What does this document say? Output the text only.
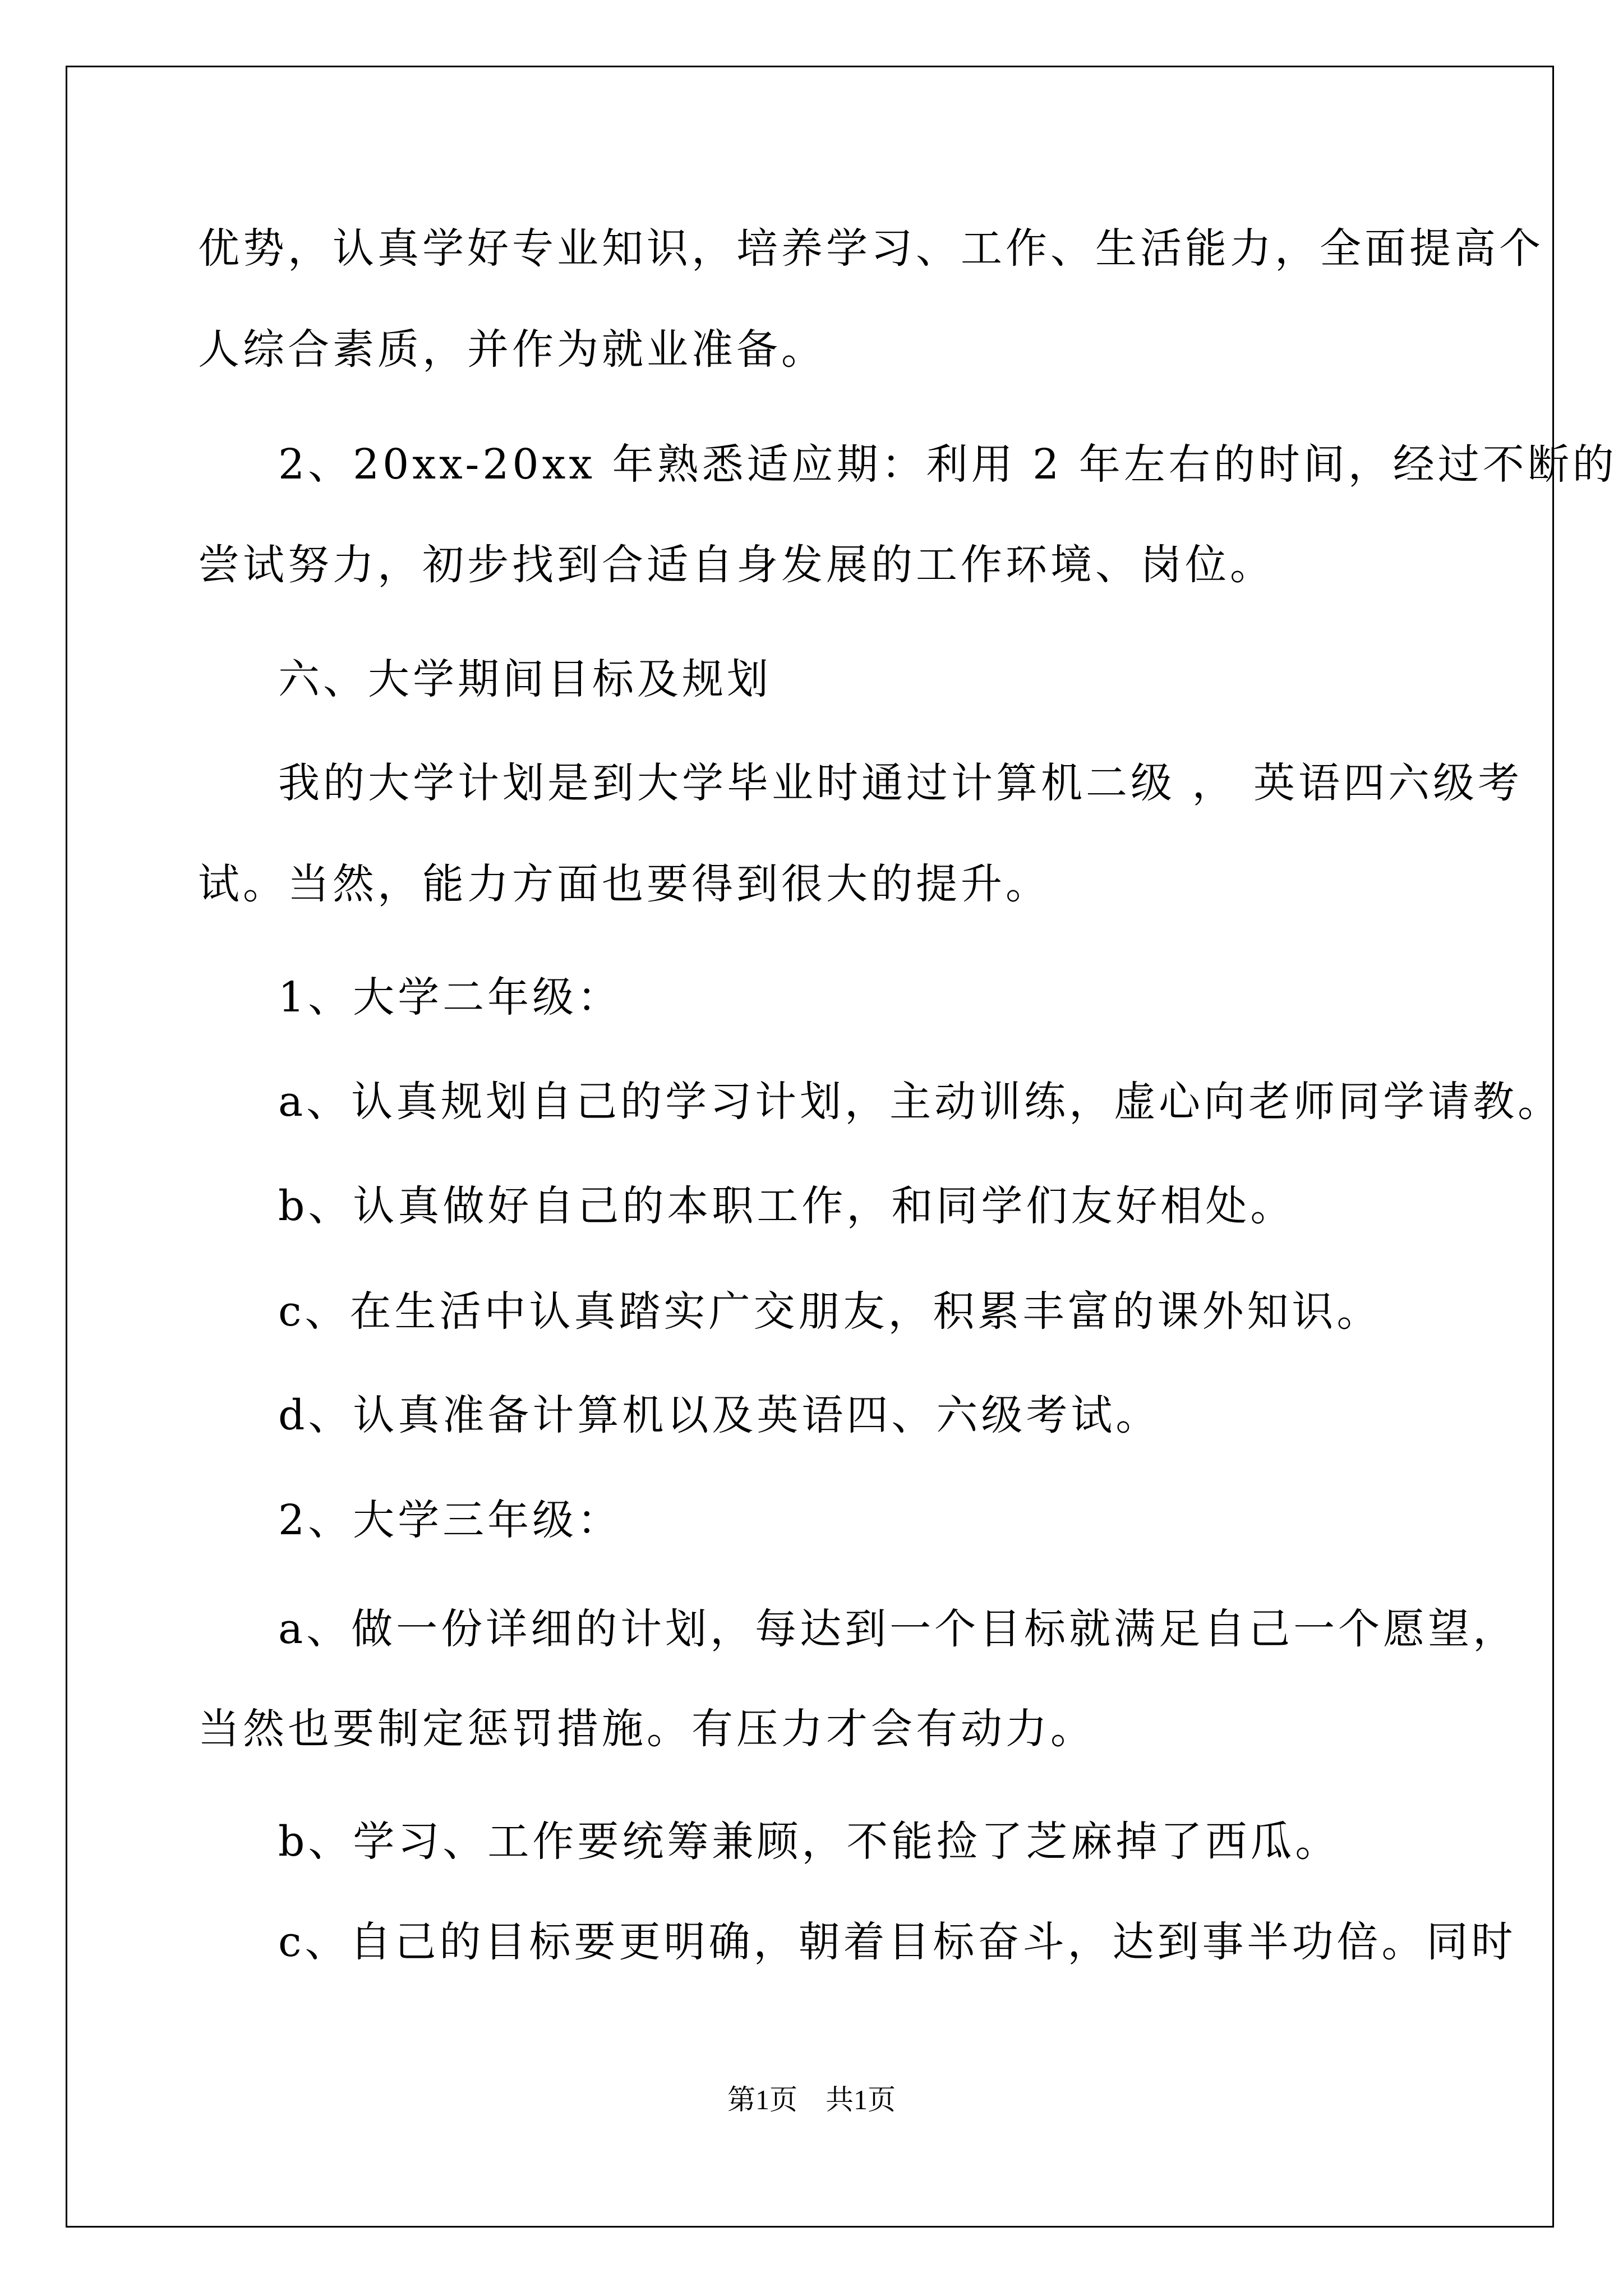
优势，认真学好专业知识，培养学习、工作、生活能力，全面提高个

人综合素质，并作为就业准备。

2、20xx-20xx 年熟悉适应期：利用 2 年左右的时间，经过不断的

尝试努力，初步找到合适自身发展的工作环境、岗位。

六、大学期间目标及规划

我的大学计划是到大学毕业时通过计算机二级 ， 英语四六级考

试。当然，能力方面也要得到很大的提升。

1、大学二年级：

a、认真规划自己的学习计划，主动训练，虚心向老师同学请教。

b、认真做好自己的本职工作，和同学们友好相处。

c、在生活中认真踏实广交朋友，积累丰富的课外知识。

d、认真准备计算机以及英语四、六级考试。

2、大学三年级：

a、做一份详细的计划，每达到一个目标就满足自己一个愿望，

当然也要制定惩罚措施。有压力才会有动力。

b、学习、工作要统筹兼顾，不能捡了芝麻掉了西瓜。

c、自己的目标要更明确，朝着目标奋斗，达到事半功倍。同时

第1页　共1页
